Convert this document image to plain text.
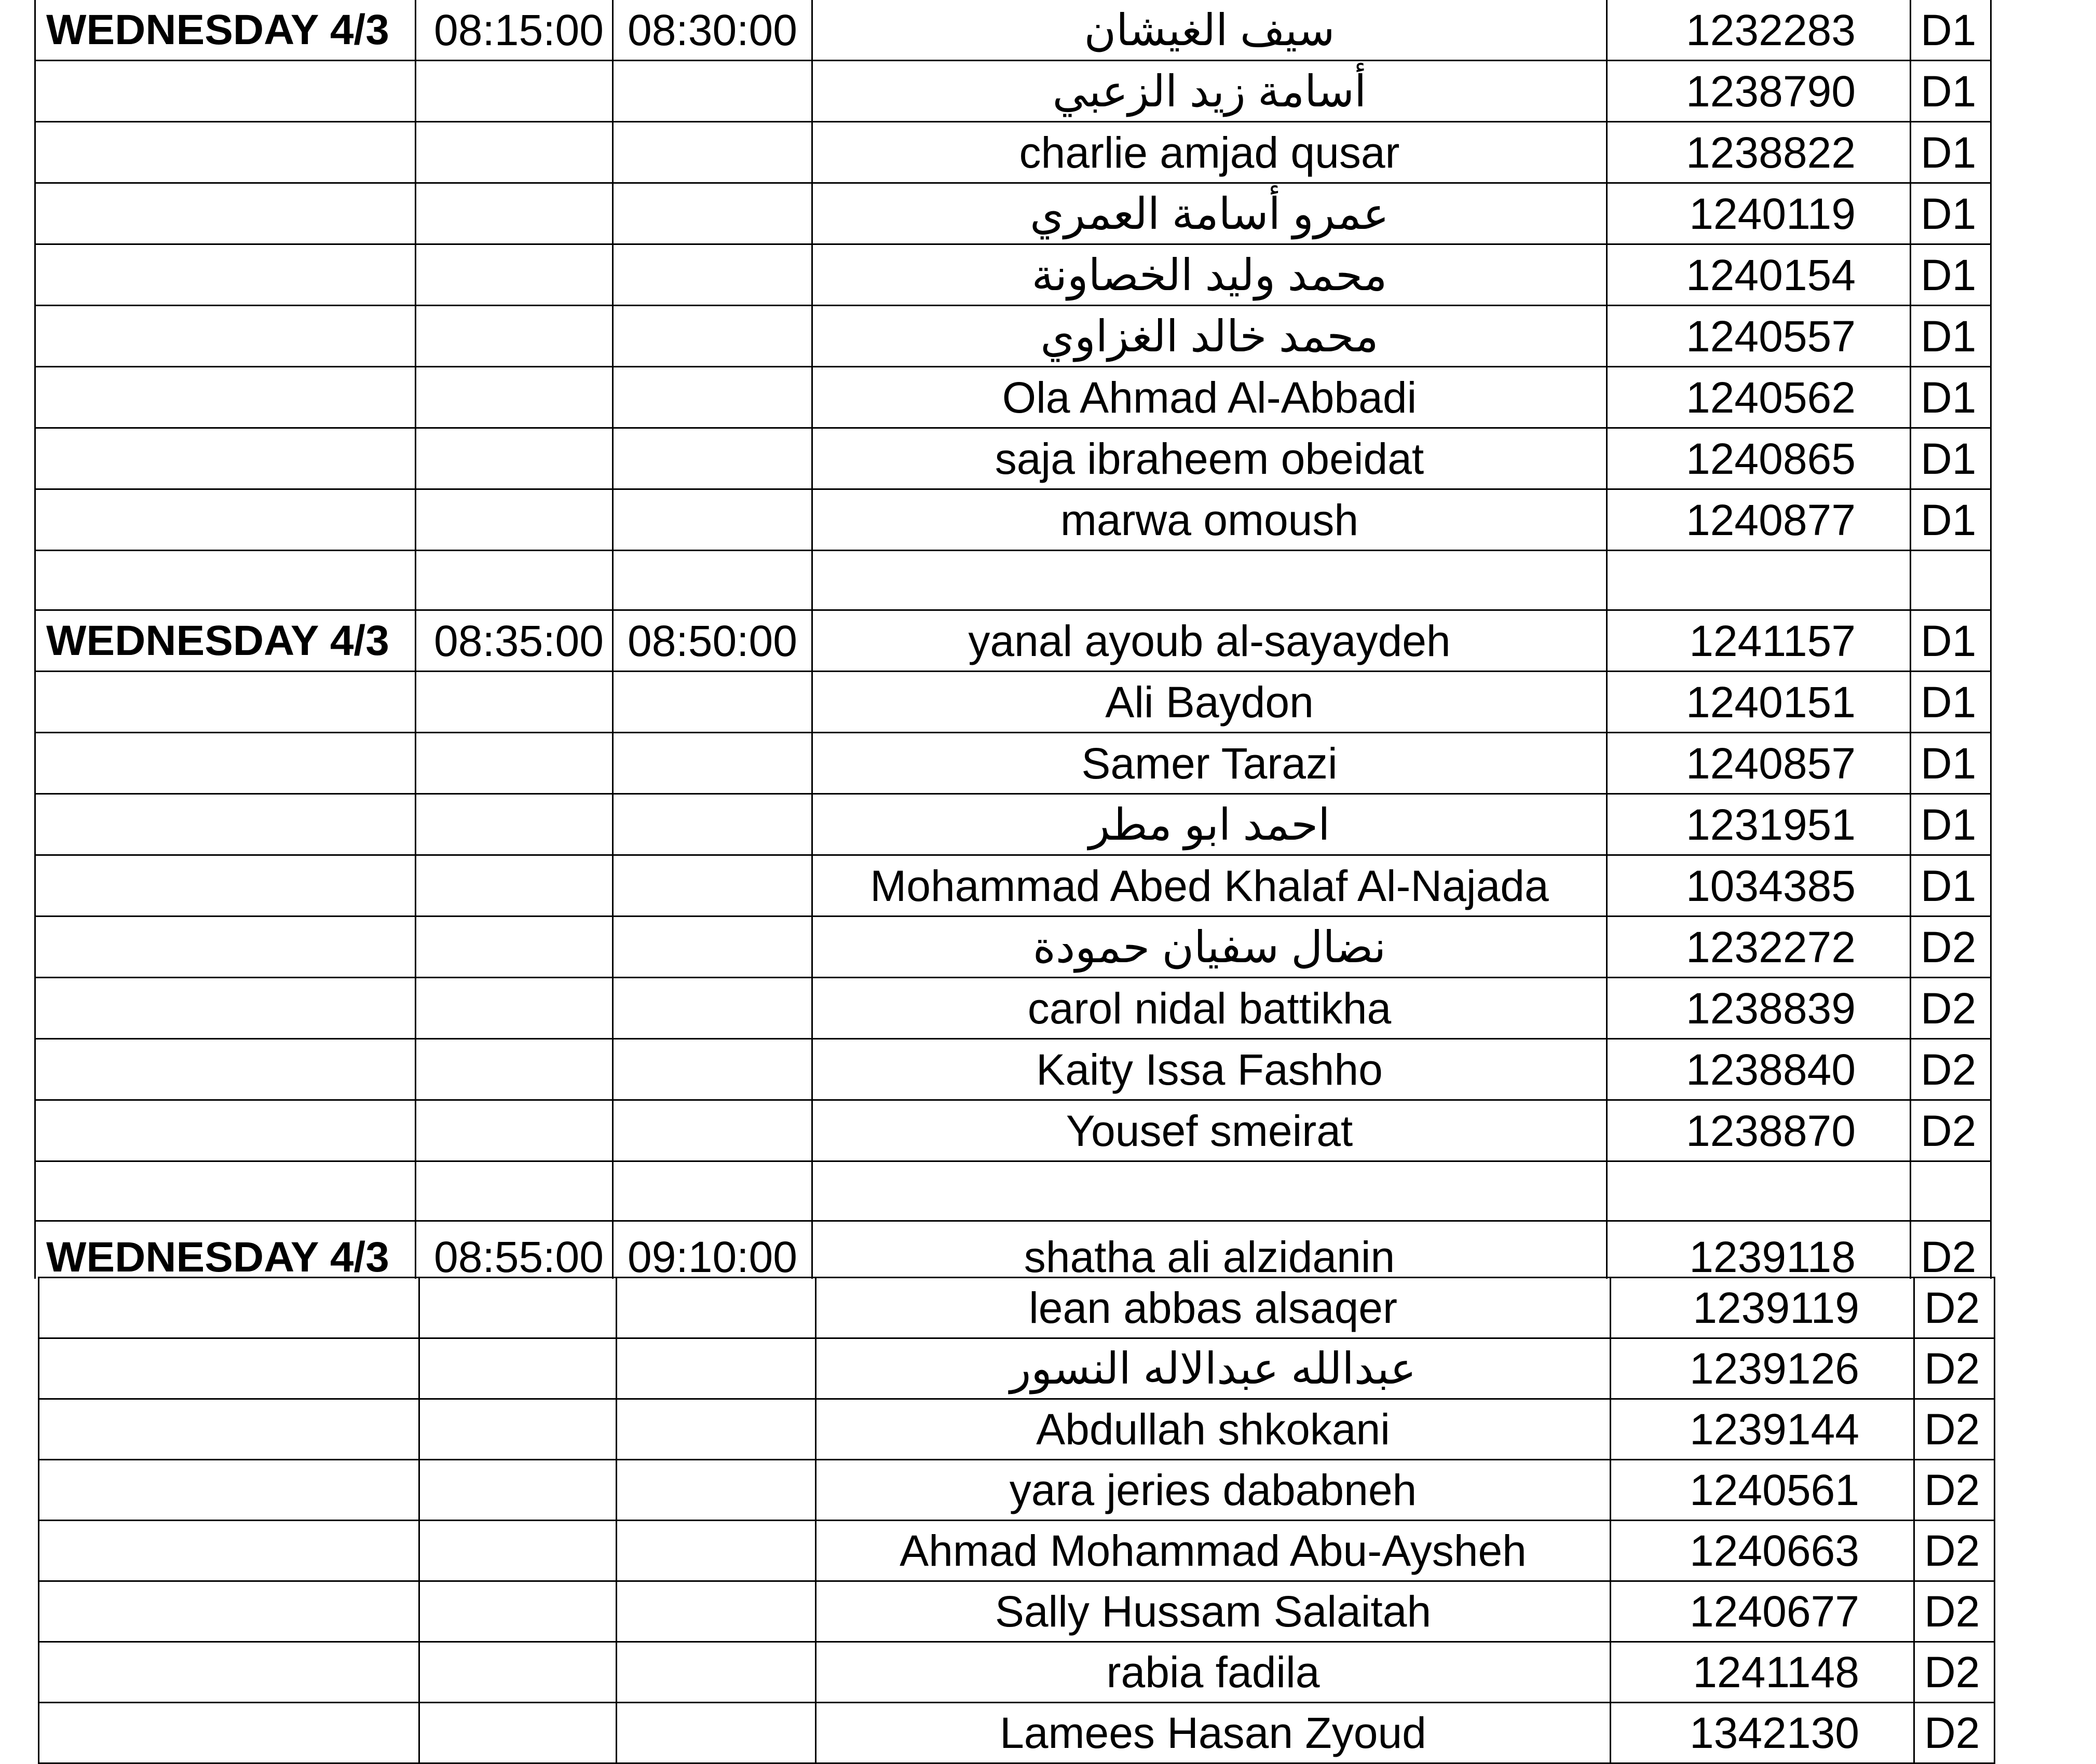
WEDNESDAY 4/3	08:15:00	08:30:00	سيف الغيشان	1232283	D1
			أسامة زيد الزعبي	1238790	D1
			charlie amjad qusar	1238822	D1
			عمرو أسامة العمري	1240119	D1
			محمد وليد الخصاونة	1240154	D1
			محمد خالد الغزاوي	1240557	D1
			Ola Ahmad Al-Abbadi	1240562	D1
			saja ibraheem obeidat	1240865	D1
			marwa omoush	1240877	D1

WEDNESDAY 4/3	08:35:00	08:50:00	yanal ayoub al-sayaydeh	1241157	D1
			Ali Baydon	1240151	D1
			Samer Tarazi	1240857	D1
			احمد ابو مطر	1231951	D1
			Mohammad Abed Khalaf Al-Najada	1034385	D1
			نضال سفيان حمودة	1232272	D2
			carol nidal battikha	1238839	D2
			Kaity Issa Fashho	1238840	D2
			Yousef smeirat	1238870	D2

WEDNESDAY 4/3	08:55:00	09:10:00	shatha ali alzidanin	1239118	D2
			lean abbas alsaqer	1239119	D2
			عبدالله عبدالاله النسور	1239126	D2
			Abdullah shkokani	1239144	D2
			yara jeries dababneh	1240561	D2
			Ahmad Mohammad Abu-Aysheh	1240663	D2
			Sally Hussam Salaitah	1240677	D2
			rabia fadila	1241148	D2
			Lamees Hasan Zyoud	1342130	D2
